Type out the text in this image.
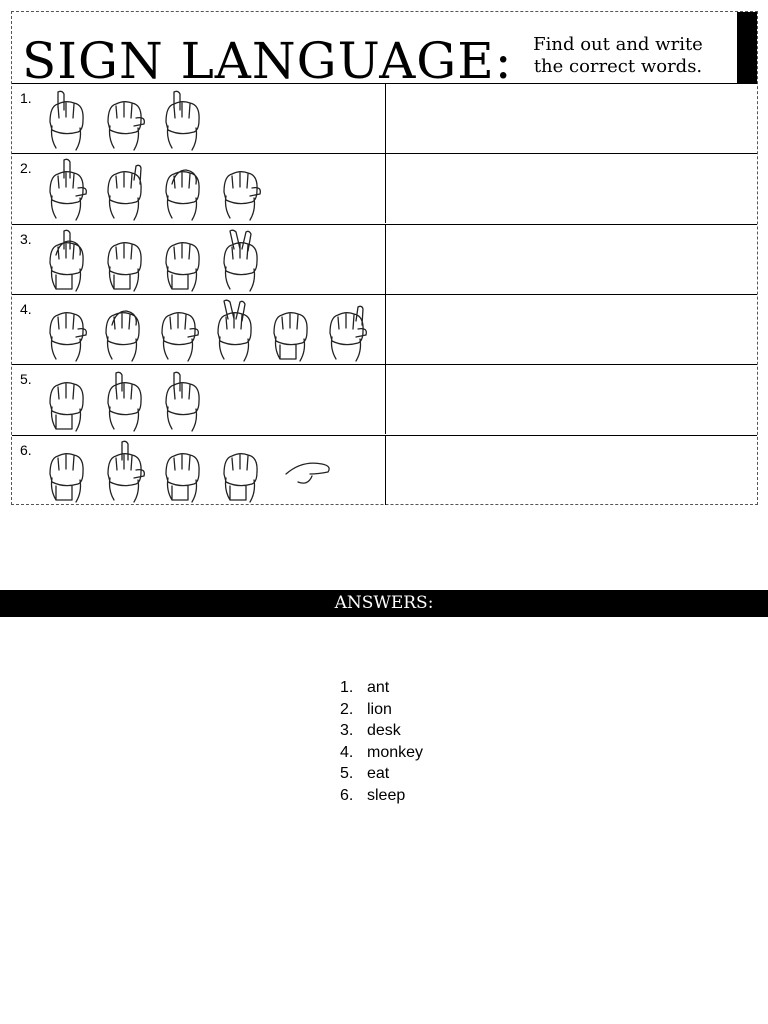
SIGN LANGUAGE:	Find out and write
the correct words.
1.
2.
3.
4.
5.
6.
ANSWERS:
1. ant
2. lion
3. desk
4. monkey
5. eat
6. sleep
